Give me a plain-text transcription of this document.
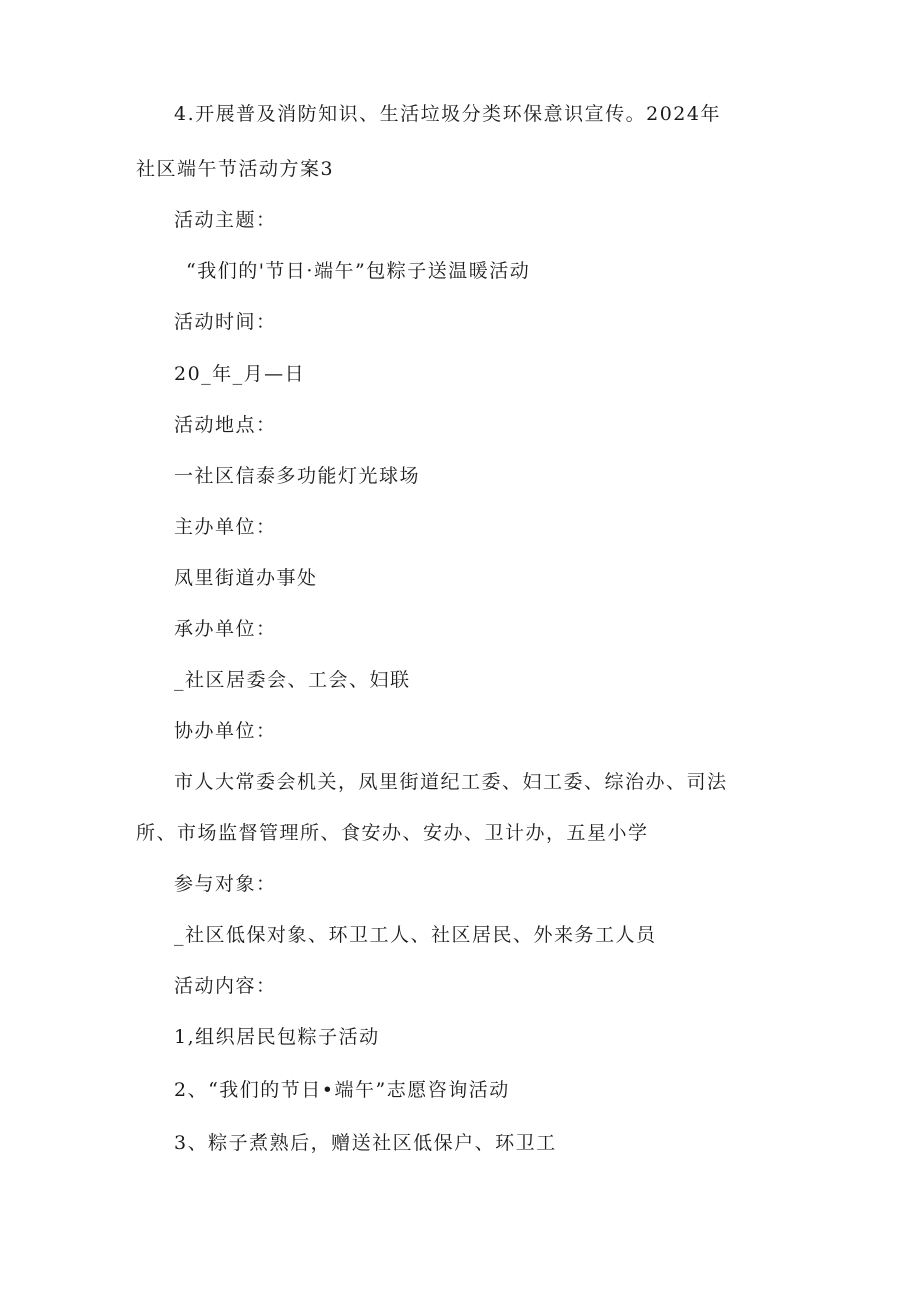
4.开展普及消防知识、生活垃圾分类环保意识宣传。2024年
社区端午节活动方案3
活动主题：
“我们的'节日·端午”包粽子送温暖活动
活动时间：
20_年_月—日
活动地点：
一社区信泰多功能灯光球场
主办单位：
凤里街道办事处
承办单位：
_社区居委会、工会、妇联
协办单位：
市人大常委会机关，凤里街道纪工委、妇工委、综治办、司法
所、市场监督管理所、食安办、安办、卫计办，五星小学
参与对象：
_社区低保对象、环卫工人、社区居民、外来务工人员
活动内容：
1,组织居民包粽子活动
2、“我们的节日•端午”志愿咨询活动
3、粽子煮熟后，赠送社区低保户、环卫工
